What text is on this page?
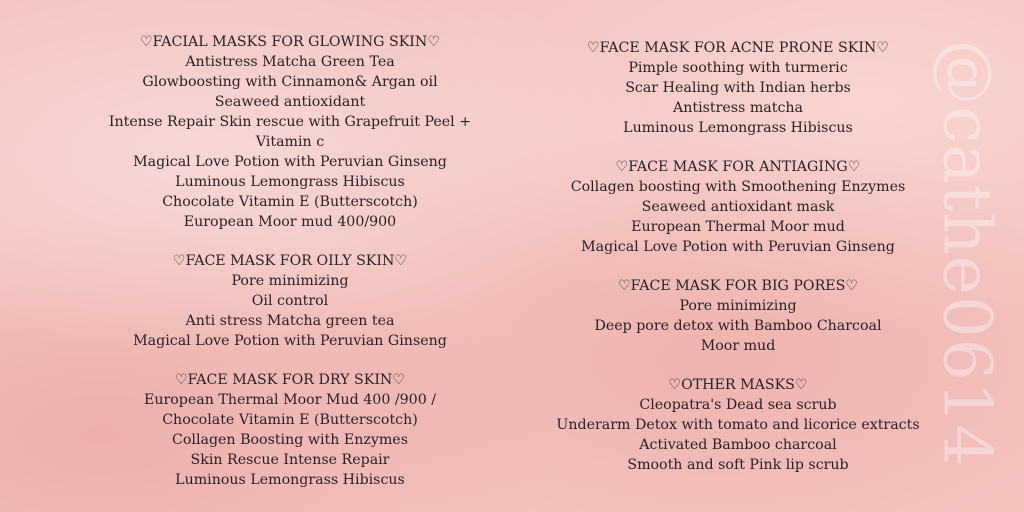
♡FACIAL MASKS FOR GLOWING SKIN♡
Antistress Matcha Green Tea
Glowboosting with Cinnamon& Argan oil
Seaweed antioxidant
Intense Repair Skin rescue with Grapefruit Peel + Vitamin c
Magical Love Potion with Peruvian Ginseng
Luminous Lemongrass Hibiscus
Chocolate Vitamin E (Butterscotch)
European Moor mud 400/900
♡FACE MASK FOR OILY SKIN♡
Pore minimizing
Oil control
Anti stress Matcha green tea
Magical Love Potion with Peruvian Ginseng
♡FACE MASK FOR DRY SKIN♡
European Thermal Moor Mud 400 /900 /
Chocolate Vitamin E (Butterscotch)
Collagen Boosting with Enzymes
Skin Rescue Intense Repair
Luminous Lemongrass Hibiscus
♡FACE MASK FOR ACNE PRONE SKIN♡
Pimple soothing with turmeric
Scar Healing with Indian herbs
Antistress matcha
Luminous Lemongrass Hibiscus
♡FACE MASK FOR ANTIAGING♡
Collagen boosting with Smoothening Enzymes
Seaweed antioxidant mask
European Thermal Moor mud
Magical Love Potion with Peruvian Ginseng
♡FACE MASK FOR BIG PORES♡
Pore minimizing
Deep pore detox with Bamboo Charcoal
Moor mud
♡OTHER MASKS♡
Cleopatra's Dead sea scrub
Underarm Detox with tomato and licorice extracts
Activated Bamboo charcoal
Smooth and soft Pink lip scrub	@cathe0614
